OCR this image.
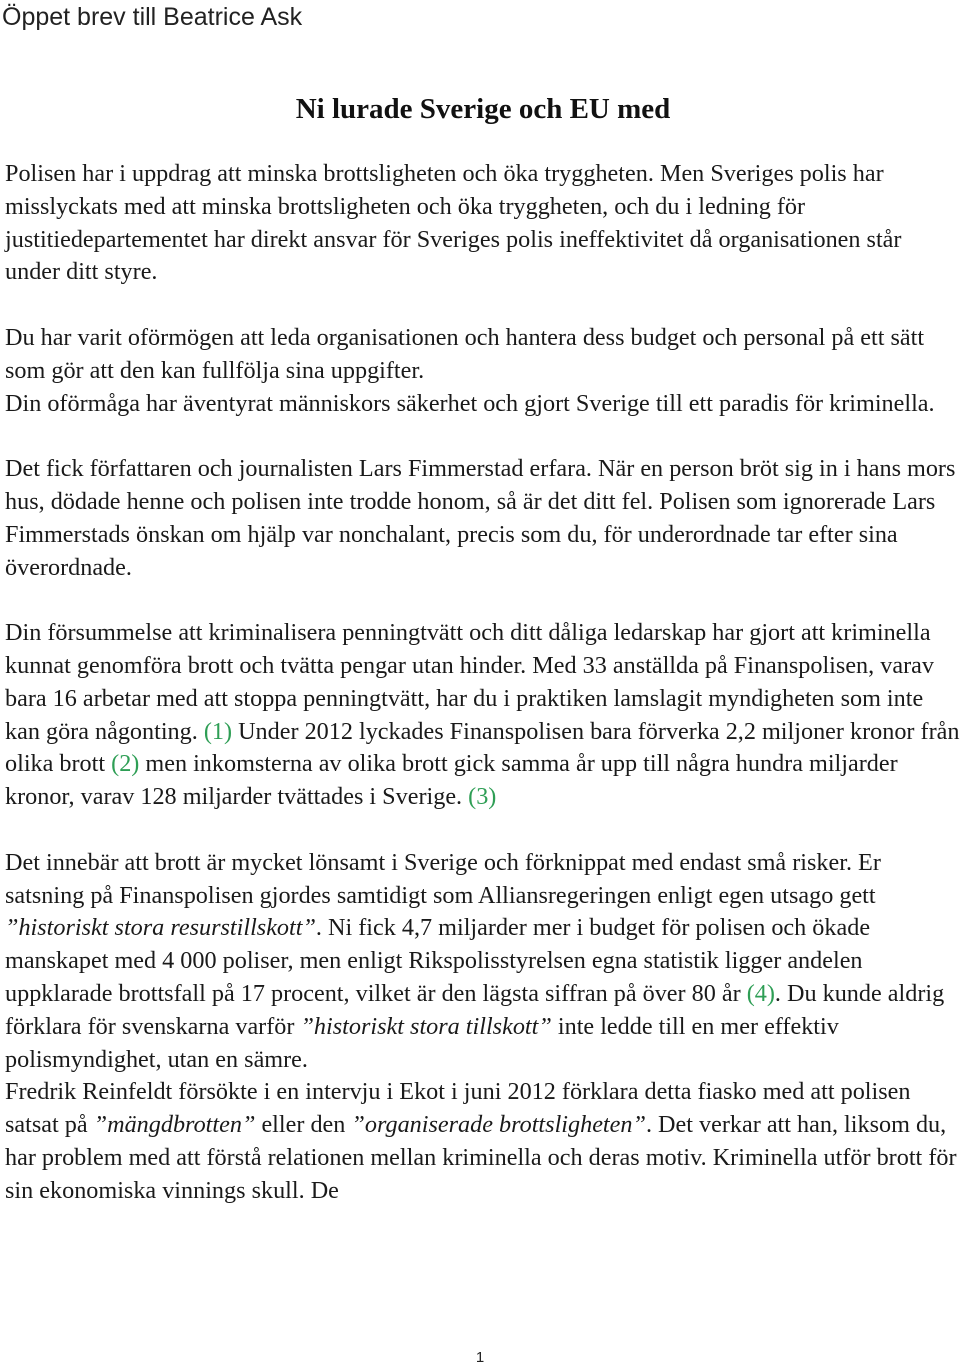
Öppet brev till Beatrice Ask
Ni lurade Sverige och EU med

Polisen har i uppdrag att minska brottsligheten och öka tryggheten. Men Sveriges polis har misslyckats med att minska brottsligheten och öka tryggheten, och du i ledning för justitiedepartementet har direkt ansvar för Sveriges polis ineffektivitet då organisationen står under ditt styre.

Du har varit oförmögen att leda organisationen och hantera dess budget och personal på ett sätt som gör att den kan fullfölja sina uppgifter.

Din oförmåga har äventyrat människors säkerhet och gjort Sverige till ett paradis för kriminella.

Det fick författaren och journalisten Lars Fimmerstad erfara. När en person bröt sig in i hans mors hus, dödade henne och polisen inte trodde honom, så är det ditt fel. Polisen som ignorerade Lars Fimmerstads önskan om hjälp var nonchalant, precis som du, för underordnade tar efter sina överordnade.

Din försummelse att kriminalisera penningtvätt och ditt dåliga ledarskap har gjort att kriminella kunnat genomföra brott och tvätta pengar utan hinder. Med 33 anställda på Finanspolisen, varav bara 16 arbetar med att stoppa penningtvätt, har du i praktiken lamslagit myndigheten som inte kan göra någonting. (1) Under 2012 lyckades Finanspolisen bara förverka 2,2 miljoner kronor från olika brott (2) men inkomsterna av olika brott gick samma år upp till några hundra miljarder kronor, varav 128 miljarder tvättades i Sverige. (3)

Det innebär att brott är mycket lönsamt i Sverige och förknippat med endast små risker. Er satsning på Finanspolisen gjordes samtidigt som Alliansregeringen enligt egen utsago gett ”historiskt stora resurstillskott”. Ni fick 4,7 miljarder mer i budget för polisen och ökade manskapet med 4 000 poliser, men enligt Rikspolisstyrelsen egna statistik ligger andelen uppklarade brottsfall på 17 procent, vilket är den lägsta siffran på över 80 år (4). Du kunde aldrig förklara för svenskarna varför ”historiskt stora tillskott” inte ledde till en mer effektiv polismyndighet, utan en sämre.

Fredrik Reinfeldt försökte i en intervju i Ekot i juni 2012 förklara detta fiasko med att polisen satsat på ”mängdbrotten” eller den ”organiserade brottsligheten”. Det verkar att han, liksom du, har problem med att förstå relationen mellan kriminella och deras motiv. Kriminella utför brott för sin ekonomiska vinnings skull. De

1
